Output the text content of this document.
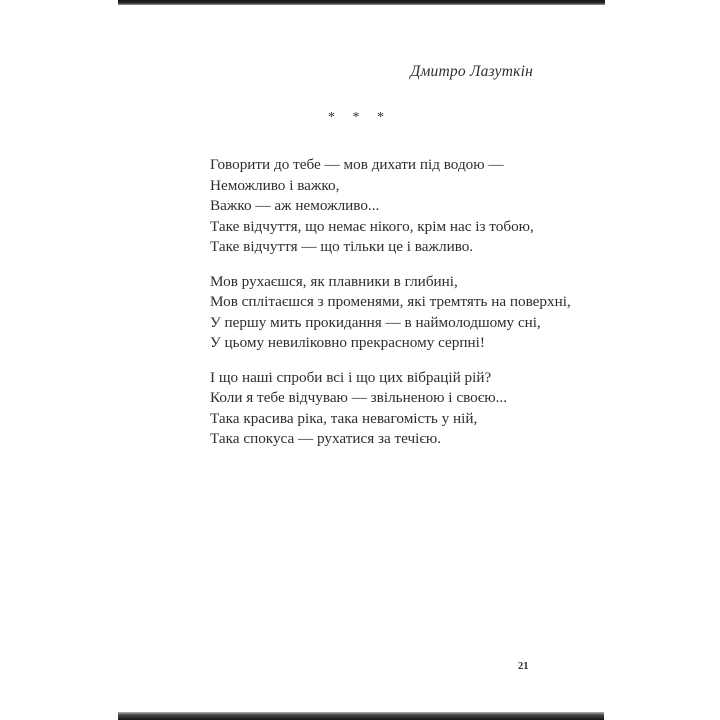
Дмитро Лазуткін
* * *
Говорити до тебе — мов дихати під водою —
Неможливо і важко,
Важко — аж неможливо...
Таке відчуття, що немає нікого, крім нас із тобою,
Таке відчуття — що тільки це і важливо.
Мов рухаєшся, як плавники в глибині,
Мов сплітаєшся з променями, які тремтять на поверхні,
У першу мить прокидання — в наймолодшому сні,
У цьому невиліковно прекрасному серпні!
І що наші спроби всі і що цих вібрацій рій?
Коли я тебе відчуваю — звільненою і своєю...
Така красива ріка, така невагомість у ній,
Така спокуса — рухатися за течією.
21
